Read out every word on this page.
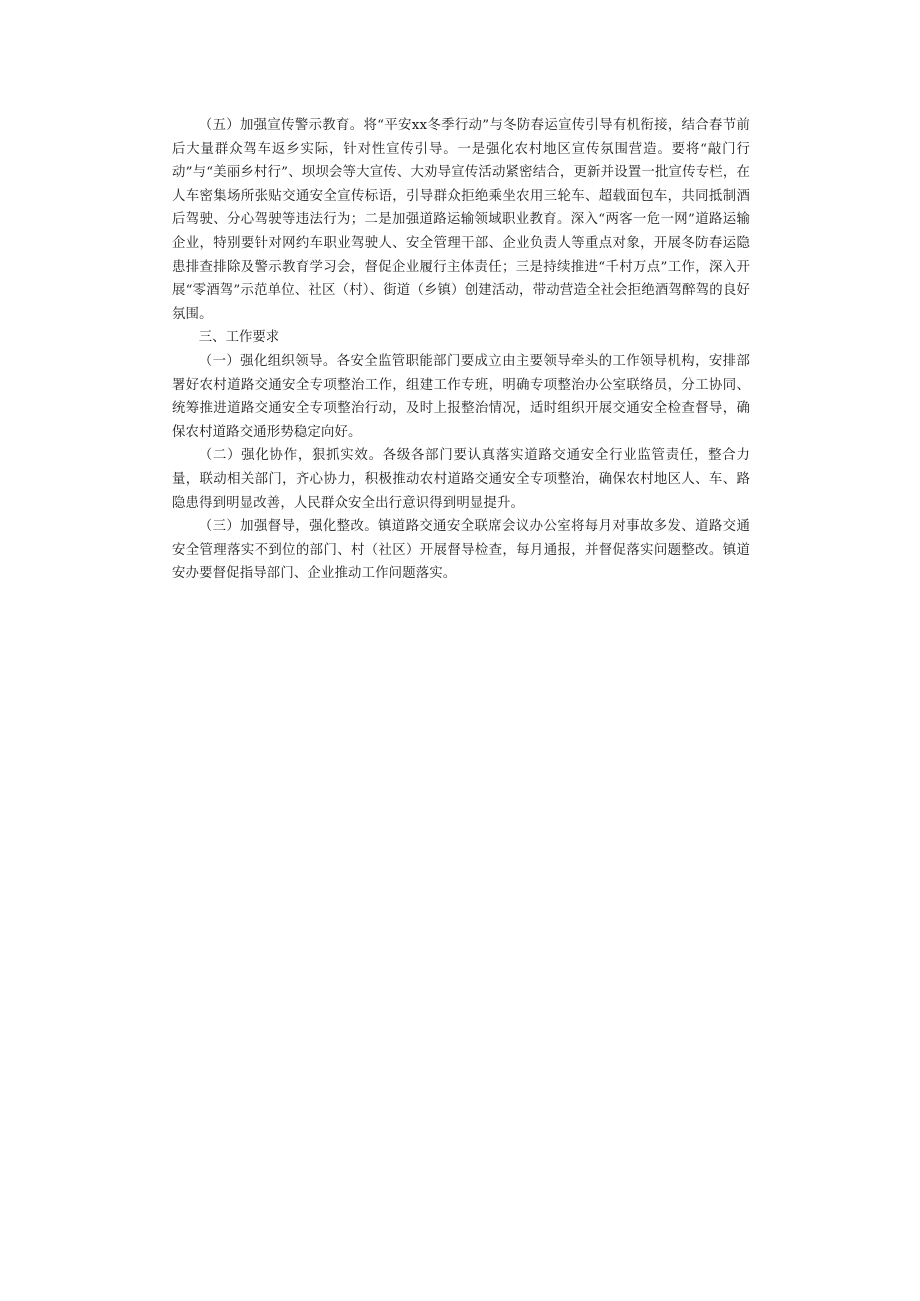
（五）加强宣传警示教育。将“平安xx冬季行动”与冬防春运宣传引导有机衔接，结合春节前后大量群众驾车返乡实际，针对性宣传引导。一是强化农村地区宣传氛围营造。要将“敲门行动”与“美丽乡村行”、坝坝会等大宣传、大劝导宣传活动紧密结合，更新并设置一批宣传专栏，在人车密集场所张贴交通安全宣传标语，引导群众拒绝乘坐农用三轮车、超载面包车，共同抵制酒后驾驶、分心驾驶等违法行为；二是加强道路运输领域职业教育。深入“两客一危一网”道路运输企业，特别要针对网约车职业驾驶人、安全管理干部、企业负责人等重点对象，开展冬防春运隐患排查排除及警示教育学习会，督促企业履行主体责任；三是持续推进“千村万点”工作，深入开展“零酒驾”示范单位、社区（村）、街道（乡镇）创建活动，带动营造全社会拒绝酒驾醉驾的良好氛围。

三、工作要求

（一）强化组织领导。各安全监管职能部门要成立由主要领导牵头的工作领导机构，安排部署好农村道路交通安全专项整治工作，组建工作专班，明确专项整治办公室联络员，分工协同、统筹推进道路交通安全专项整治行动，及时上报整治情况，适时组织开展交通安全检查督导，确保农村道路交通形势稳定向好。

（二）强化协作，狠抓实效。各级各部门要认真落实道路交通安全行业监管责任，整合力量，联动相关部门，齐心协力，积极推动农村道路交通安全专项整治，确保农村地区人、车、路隐患得到明显改善，人民群众安全出行意识得到明显提升。

（三）加强督导，强化整改。镇道路交通安全联席会议办公室将每月对事故多发、道路交通安全管理落实不到位的部门、村（社区）开展督导检查，每月通报，并督促落实问题整改。镇道安办要督促指导部门、企业推动工作问题落实。
